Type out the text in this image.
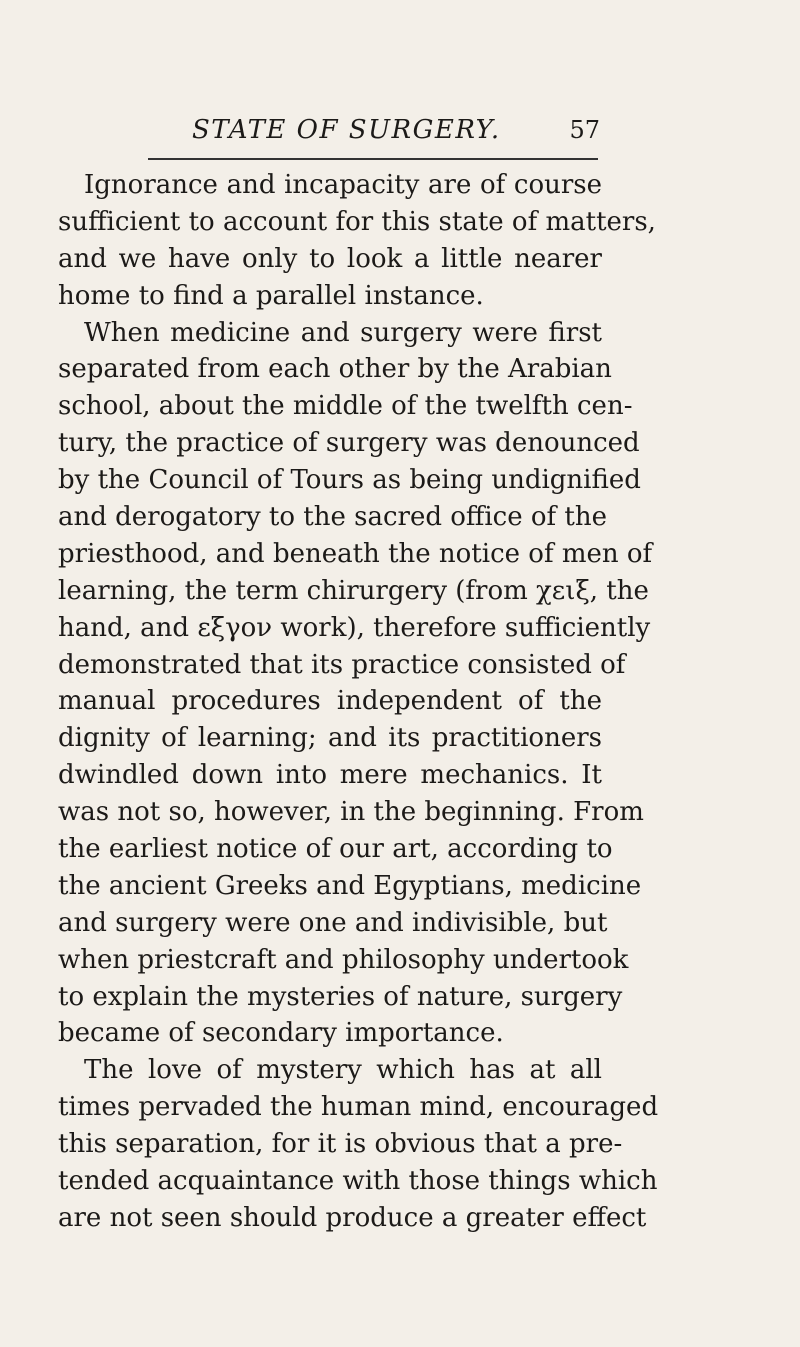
STATE OF SURGERY.	57
Ignorance and incapacity are of course
sufficient to account for this state of matters,
and we have only to look a little nearer
home to find a parallel instance.
When medicine and surgery were first
separated from each other by the Arabian
school, about the middle of the twelfth cen-
tury, the practice of surgery was denounced
by the Council of Tours as being undignified
and derogatory to the sacred office of the
priesthood, and beneath the notice of men of
learning, the term chirurgery (from χειξ, the
hand, and εξγον work), therefore sufficiently
demonstrated that its practice consisted of
manual procedures independent of the
dignity of learning; and its practitioners
dwindled down into mere mechanics. It
was not so, however, in the beginning. From
the earliest notice of our art, according to
the ancient Greeks and Egyptians, medicine
and surgery were one and indivisible, but
when priestcraft and philosophy undertook
to explain the mysteries of nature, surgery
became of secondary importance.
The love of mystery which has at all
times pervaded the human mind, encouraged
this separation, for it is obvious that a pre-
tended acquaintance with those things which
are not seen should produce a greater effect
